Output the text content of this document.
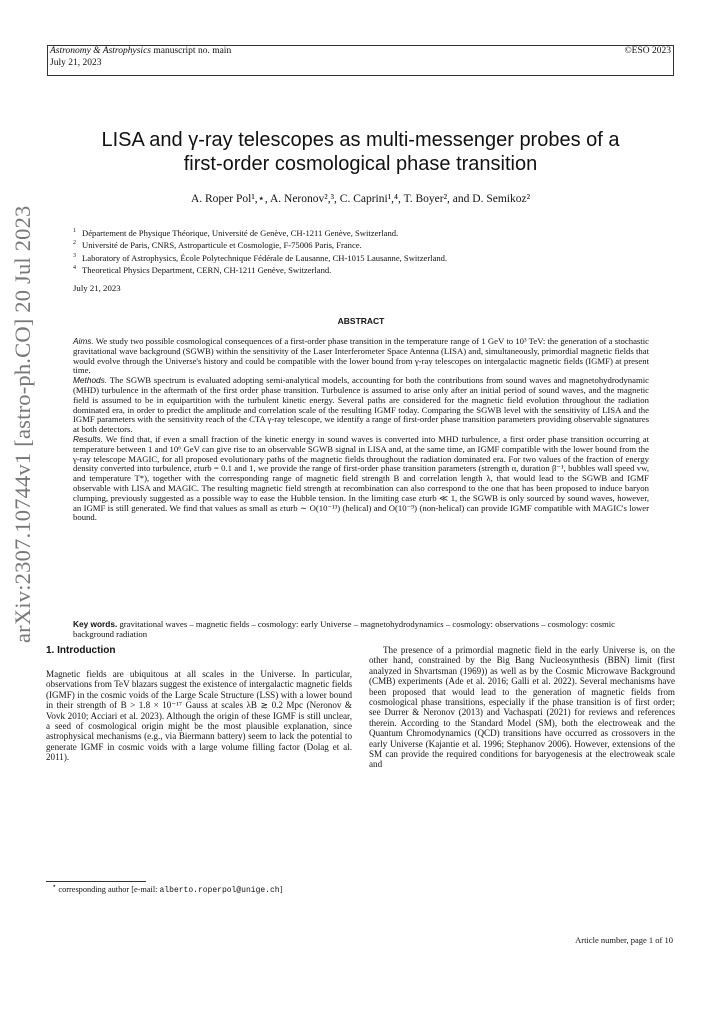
Astronomy & Astrophysics manuscript no. main
July 21, 2023
©ESO 2023
LISA and γ-ray telescopes as multi-messenger probes of a
first-order cosmological phase transition
A. Roper Pol¹,⋆, A. Neronov²,³, C. Caprini¹,⁴, T. Boyer², and D. Semikoz²
$^1$ Département de Physique Théorique, Université de Genève, CH-1211 Genève, Switzerland.
$^2$ Université de Paris, CNRS, Astroparticule et Cosmologie, F-75006 Paris, France.
$^3$ Laboratory of Astrophysics, École Polytechnique Fédérale de Lausanne, CH-1015 Lausanne, Switzerland.
$^4$ Theoretical Physics Department, CERN, CH-1211 Genève, Switzerland.
July 21, 2023
ABSTRACT

Aims. We study two possible cosmological consequences of a first-order phase transition in the temperature range of 1 GeV to 10³ TeV: the generation of a stochastic gravitational wave background (SGWB) within the sensitivity of the Laser Interferometer Space Antenna (LISA) and, simultaneously, primordial magnetic fields that would evolve through the Universe's history and could be compatible with the lower bound from γ-ray telescopes on intergalactic magnetic fields (IGMF) at present time.

Methods. The SGWB spectrum is evaluated adopting semi-analytical models, accounting for both the contributions from sound waves and magnetohydrodynamic (MHD) turbulence in the aftermath of the first order phase transition. Turbulence is assumed to arise only after an initial period of sound waves, and the magnetic field is assumed to be in equipartition with the turbulent kinetic energy. Several paths are considered for the magnetic field evolution throughout the radiation dominated era, in order to predict the amplitude and correlation scale of the resulting IGMF today. Comparing the SGWB level with the sensitivity of LISA and the IGMF parameters with the sensitivity reach of the CTA γ-ray telescope, we identify a range of first-order phase transition parameters providing observable signatures at both detectors.

Results. We find that, if even a small fraction of the kinetic energy in sound waves is converted into MHD turbulence, a first order phase transition occurring at temperature between 1 and 10⁶ GeV can give rise to an observable SGWB signal in LISA and, at the same time, an IGMF compatible with the lower bound from the γ-ray telescope MAGIC, for all proposed evolutionary paths of the magnetic fields throughout the radiation dominated era. For two values of the fraction of energy density converted into turbulence, εturb = 0.1 and 1, we provide the range of first-order phase transition parameters (strength α, duration β⁻¹, bubbles wall speed vw, and temperature T*), together with the corresponding range of magnetic field strength B and correlation length λ, that would lead to the SGWB and IGMF observable with LISA and MAGIC. The resulting magnetic field strength at recombination can also correspond to the one that has been proposed to induce baryon clumping, previously suggested as a possible way to ease the Hubble tension. In the limiting case εturb ≪ 1, the SGWB is only sourced by sound waves, however, an IGMF is still generated. We find that values as small as εturb ∼ O(10⁻¹³) (helical) and O(10⁻⁹) (non-helical) can provide IGMF compatible with MAGIC's lower bound.

Key words. gravitational waves – magnetic fields – cosmology: early Universe – magnetohydrodynamics – cosmology: observations – cosmology: cosmic background radiation
1. Introduction

Magnetic fields are ubiquitous at all scales in the Universe. In particular, observations from TeV blazars suggest the existence of intergalactic magnetic fields (IGMF) in the cosmic voids of the Large Scale Structure (LSS) with a lower bound in their strength of B > 1.8 × 10⁻¹⁷ Gauss at scales λB ≳ 0.2 Mpc (Neronov & Vovk 2010; Acciari et al. 2023). Although the origin of these IGMF is still unclear, a seed of cosmological origin might be the most plausible explanation, since astrophysical mechanisms (e.g., via Biermann battery) seem to lack the potential to generate IGMF in cosmic voids with a large volume filling factor (Dolag et al. 2011).

The presence of a primordial magnetic field in the early Universe is, on the other hand, constrained by the Big Bang Nucleosynthesis (BBN) limit (first analyzed in Shvartsman (1969)) as well as by the Cosmic Microwave Background (CMB) experiments (Ade et al. 2016; Galli et al. 2022). Several mechanisms have been proposed that would lead to the generation of magnetic fields from cosmological phase transitions, especially if the phase transition is of first order; see Durrer & Neronov (2013) and Vachaspati (2021) for reviews and references therein. According to the Standard Model (SM), both the electroweak and the Quantum Chromodynamics (QCD) transitions have occurred as crossovers in the early Universe (Kajantie et al. 1996; Stephanov 2006). However, extensions of the SM can provide the required conditions for baryogenesis at the electroweak scale and

⋆ corresponding author [e-mail: alberto.roperpol@unige.ch]
Article number, page 1 of 10
arXiv:2307.10744v1 [astro-ph.CO] 20 Jul 2023
